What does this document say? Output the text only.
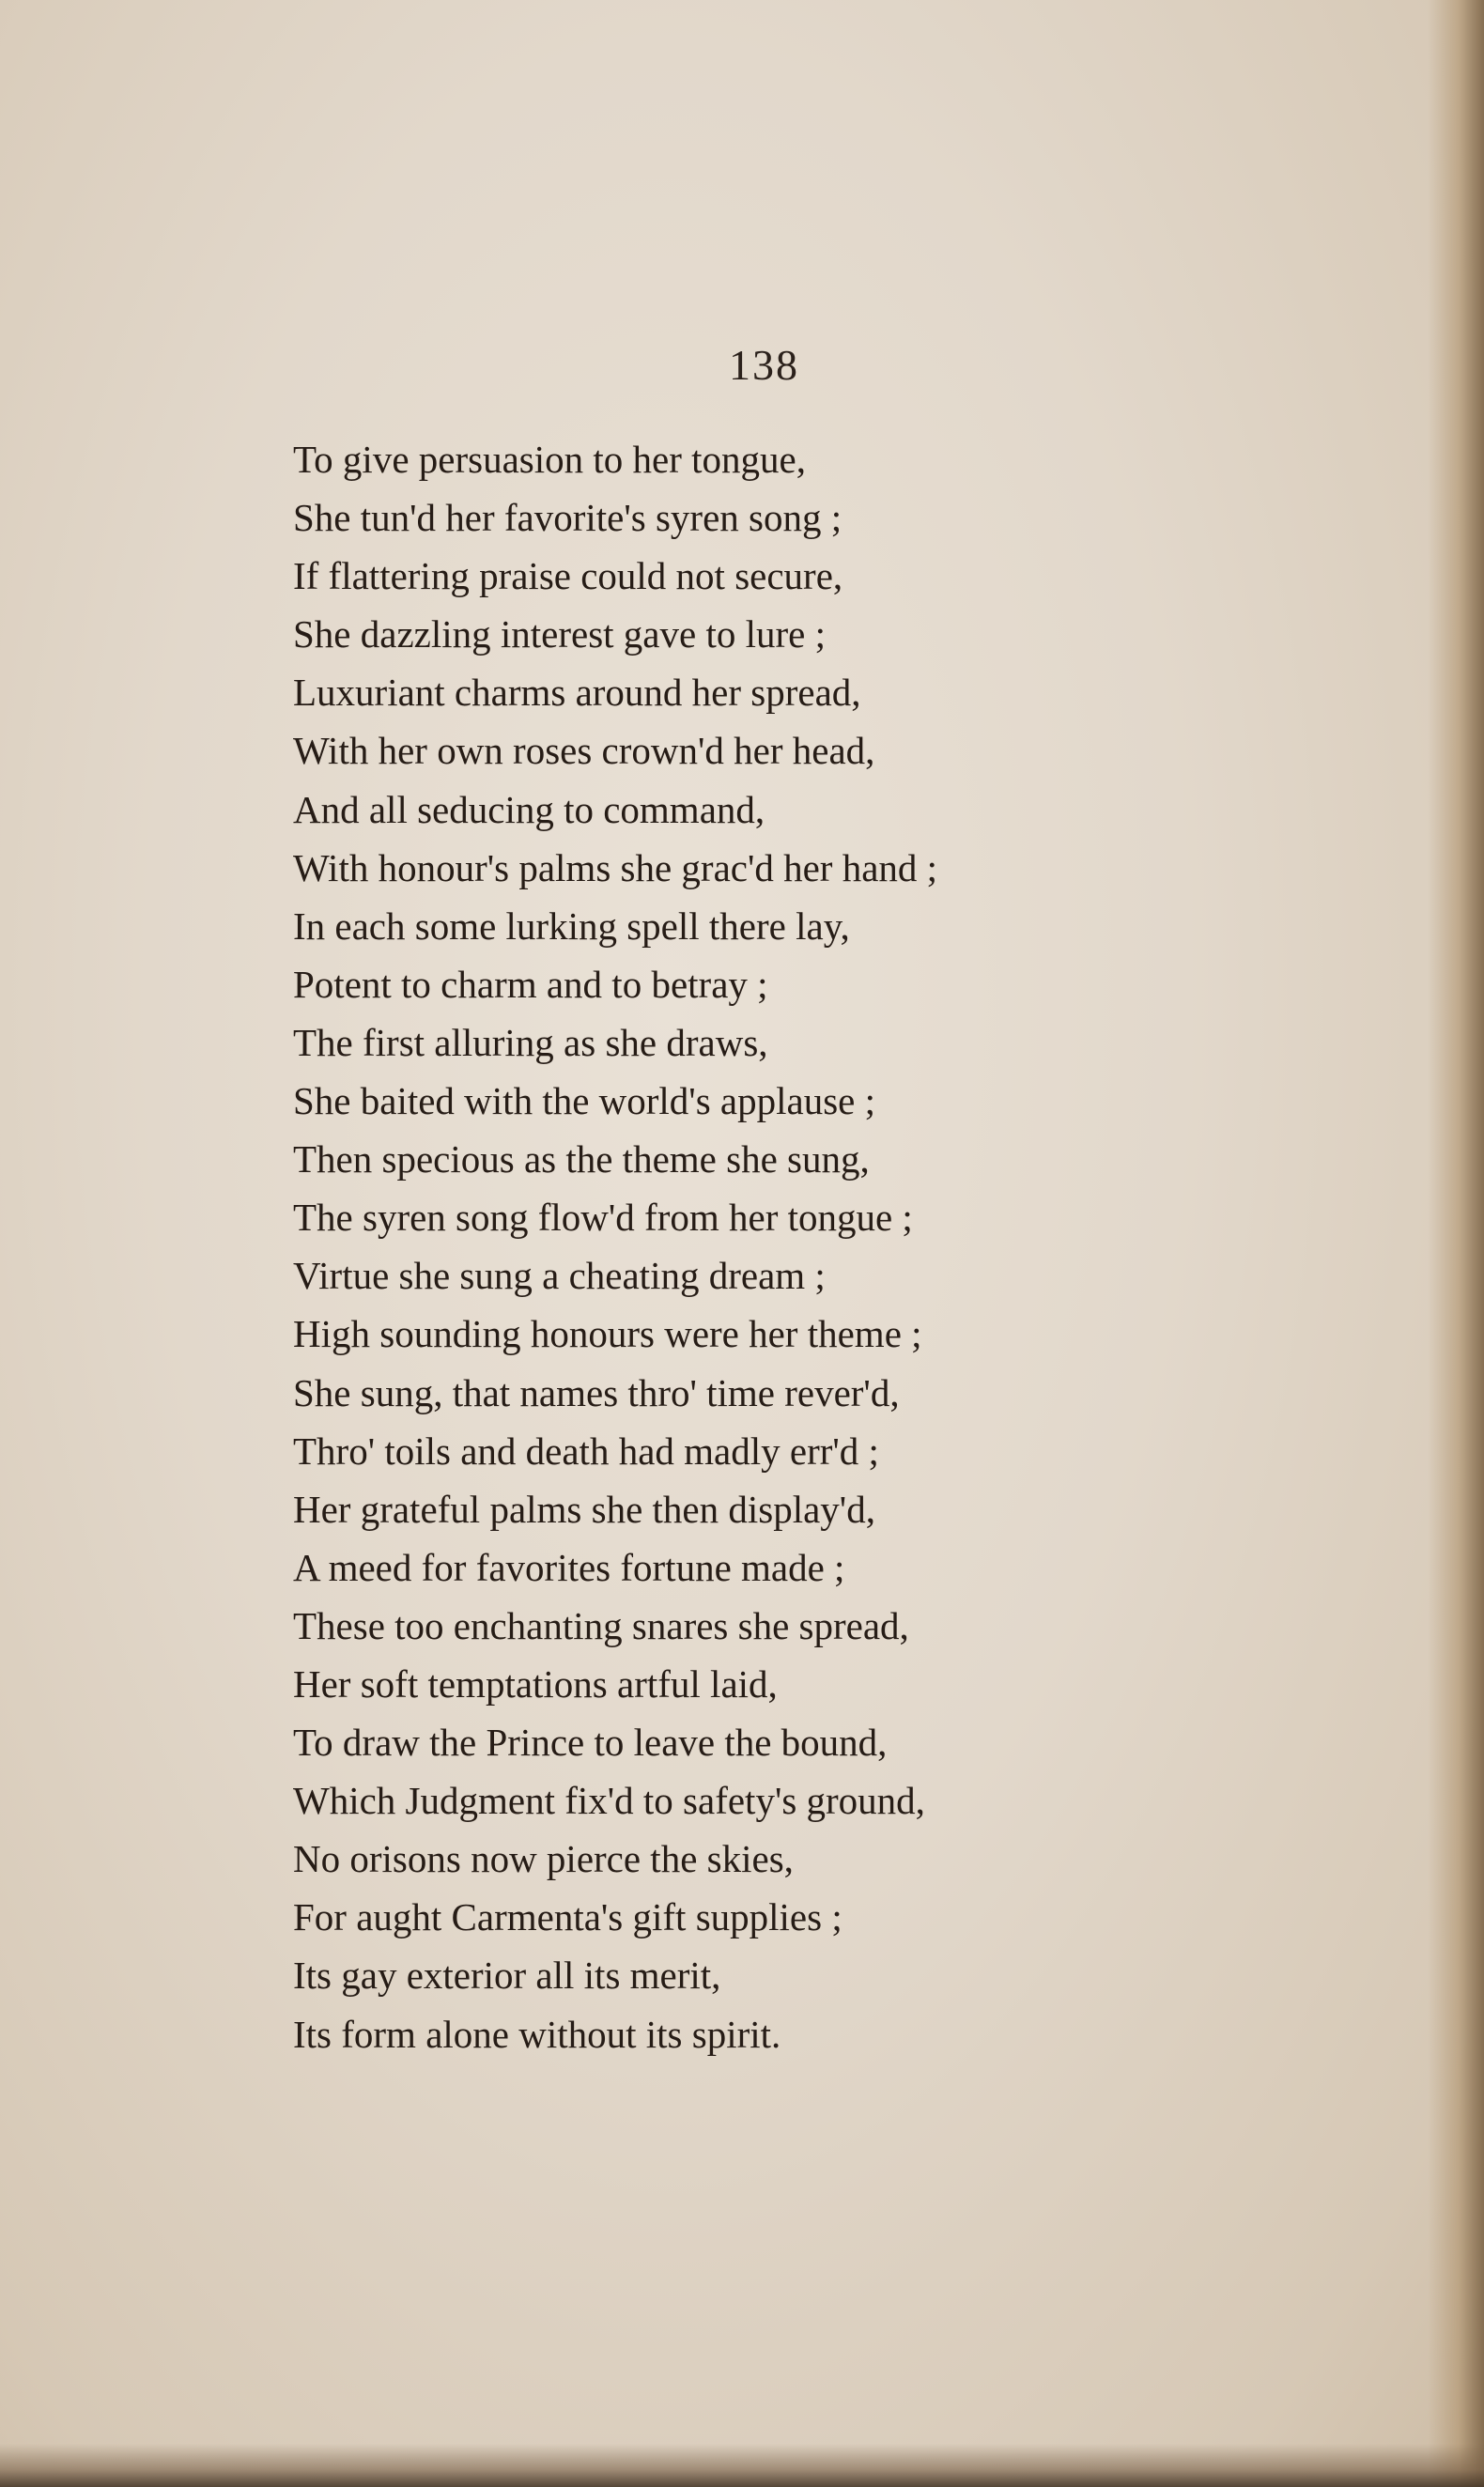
138
To give persuasion to her tongue,
She tun'd her favorite's syren song ;
If flattering praise could not secure,
She dazzling interest gave to lure ;
Luxuriant charms around her spread,
With her own roses crown'd her head,
And all seducing to command,
With honour's palms she grac'd her hand ;
In each some lurking spell there lay,
Potent to charm and to betray ;
The first alluring as she draws,
She baited with the world's applause ;
Then specious as the theme she sung,
The syren song flow'd from her tongue ;
Virtue she sung a cheating dream ;
High sounding honours were her theme ;
She sung, that names thro' time rever'd,
Thro' toils and death had madly err'd ;
Her grateful palms she then display'd,
A meed for favorites fortune made ;
These too enchanting snares she spread,
Her soft temptations artful laid,
To draw the Prince to leave the bound,
Which Judgment fix'd to safety's ground,
No orisons now pierce the skies,
For aught Carmenta's gift supplies ;
Its gay exterior all its merit,
Its form alone without its spirit.
